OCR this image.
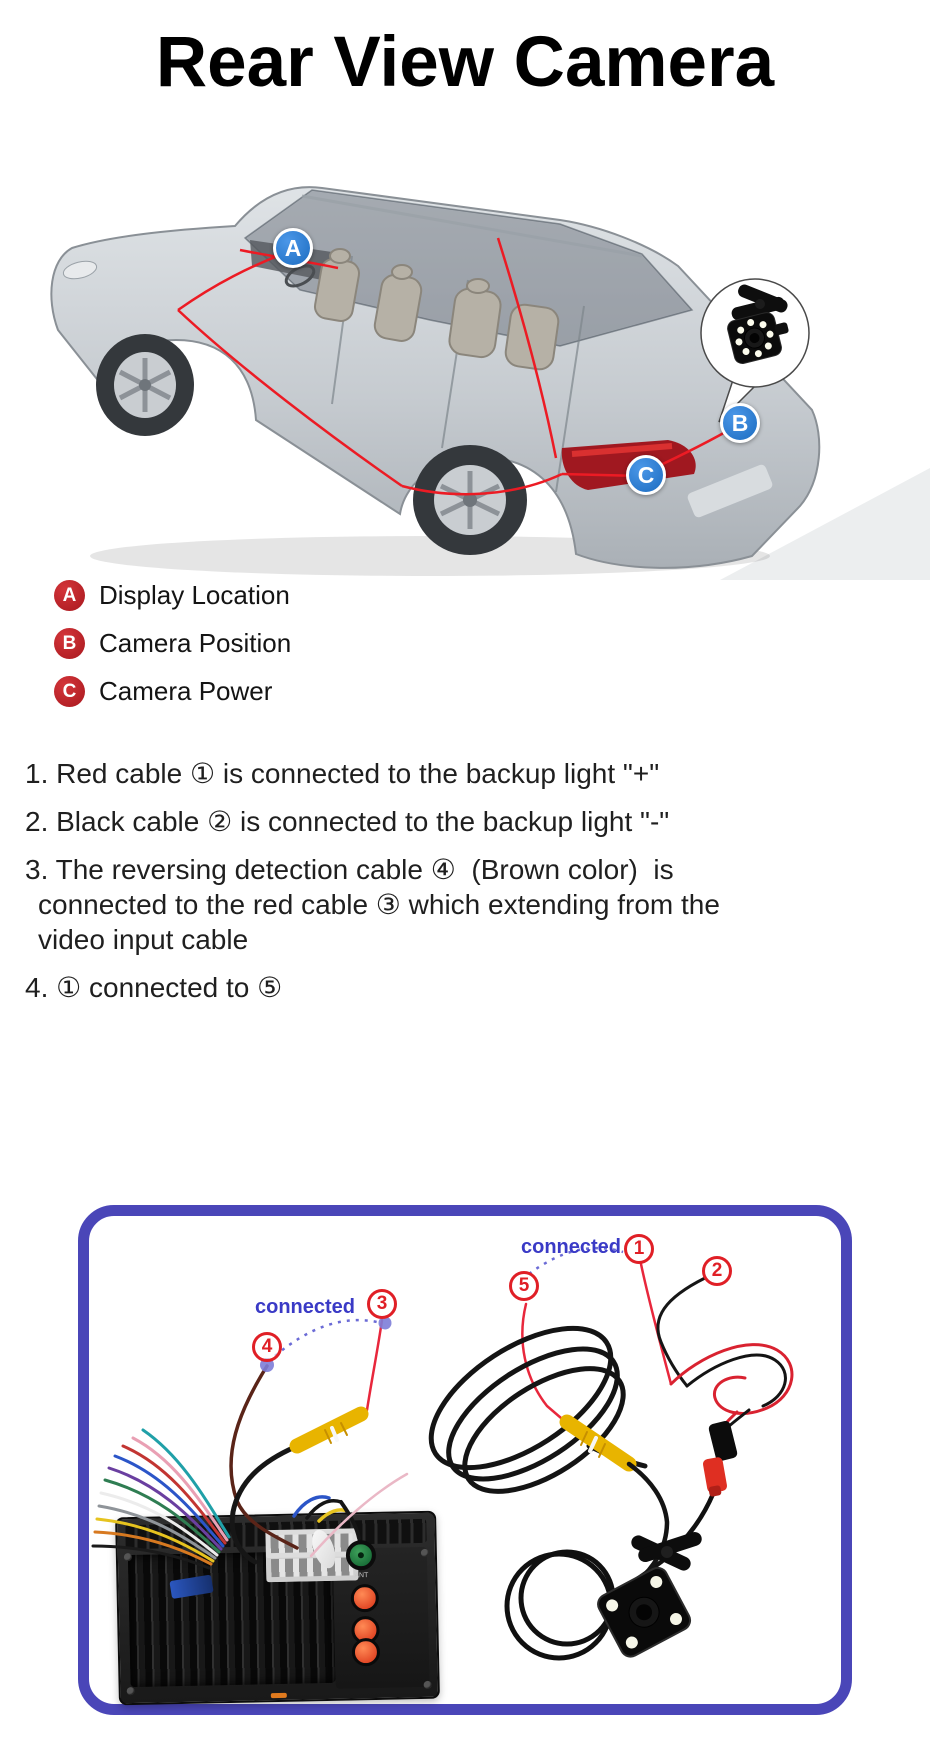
Rear View Camera
A
B
C
A Display Location
B Camera Position
C Camera Power

1. Red cable ① is connected to the backup light "+"

2. Black cable ② is connected to the backup light "-"

3. The reversing detection cable ④  (Brown color)  is connected to the red cable ③ which extending from the video input cable

4. ① connected to ⑤

ANT
connected
connected 1
2
3
4
5
